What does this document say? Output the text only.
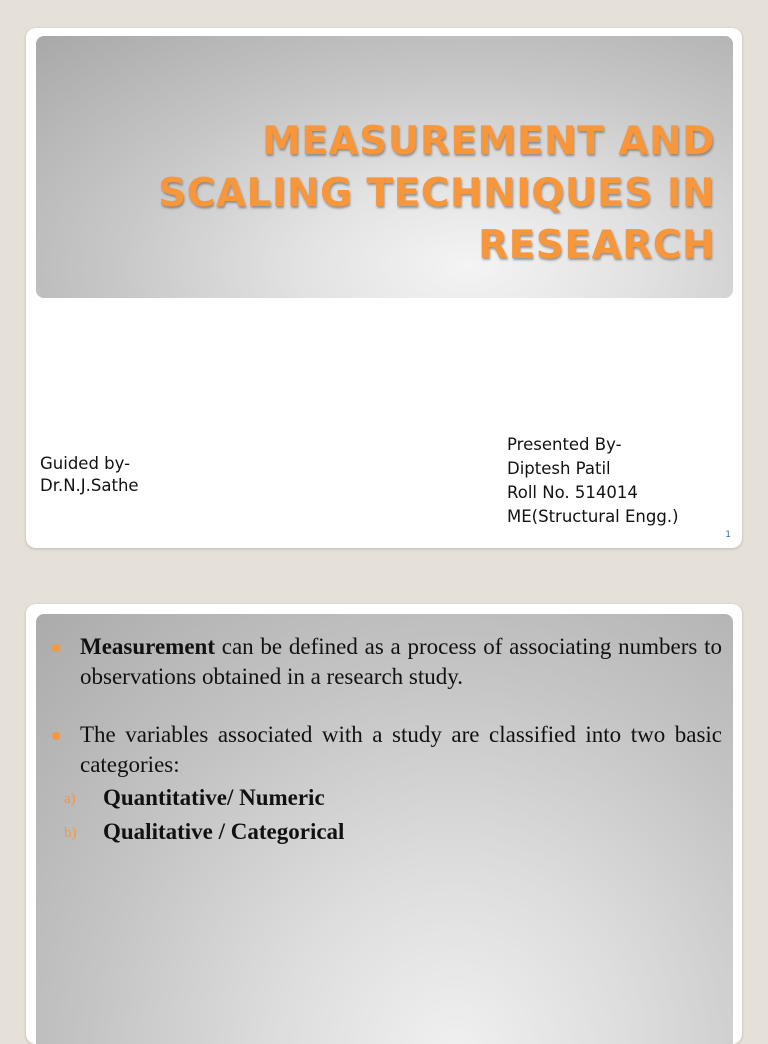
MEASUREMENT AND
SCALING TECHNIQUES IN
RESEARCH
Guided by-
Dr.N.J.Sathe
Presented By-
Diptesh Patil
Roll No. 514014
ME(Structural Engg.)
1
Measurement can be defined as a process of associating numbers to observations obtained in a research study.
The variables associated with a study are classified into two basic categories:
a) Quantitative/ Numeric
b) Qualitative / Categorical
